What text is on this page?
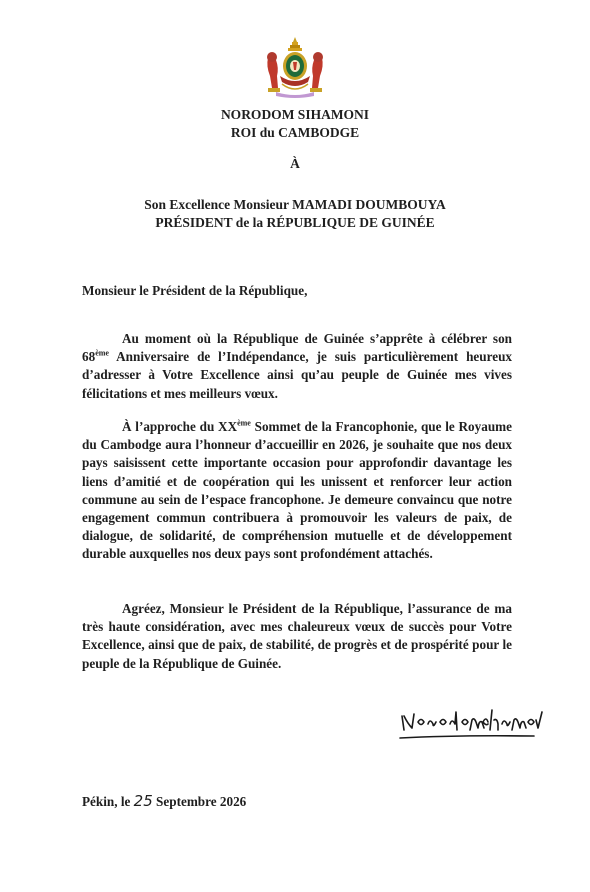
NORODOM SIHAMONI
ROI du CAMBODGE
À
Son Excellence Monsieur MAMADI DOUMBOUYA
PRÉSIDENT de la RÉPUBLIQUE DE GUINÉE
Monsieur le Président de la République,

Au moment où la République de Guinée s’apprête à célébrer son 68ème Anniversaire de l’Indépendance, je suis particulièrement heureux d’adresser à Votre Excellence ainsi qu’au peuple de Guinée mes vives félicitations et mes meilleurs vœux.

À l’approche du XXème Sommet de la Francophonie, que le Royaume du Cambodge aura l’honneur d’accueillir en 2026, je souhaite que nos deux pays saisissent cette importante occasion pour approfondir davantage les liens d’amitié et de coopération qui les unissent et renforcer leur action commune au sein de l’espace francophone. Je demeure convaincu que notre engagement commun contribuera à promouvoir les valeurs de paix, de dialogue, de solidarité, de compréhension mutuelle et de développement durable auxquelles nos deux pays sont profondément attachés.

Agréez, Monsieur le Président de la République, l’assurance de ma très haute considération, avec mes chaleureux vœux de succès pour Votre Excellence, ainsi que de paix, de stabilité, de progrès et de prospérité pour le peuple de la République de Guinée.

Pékin, le 25 Septembre 2026
